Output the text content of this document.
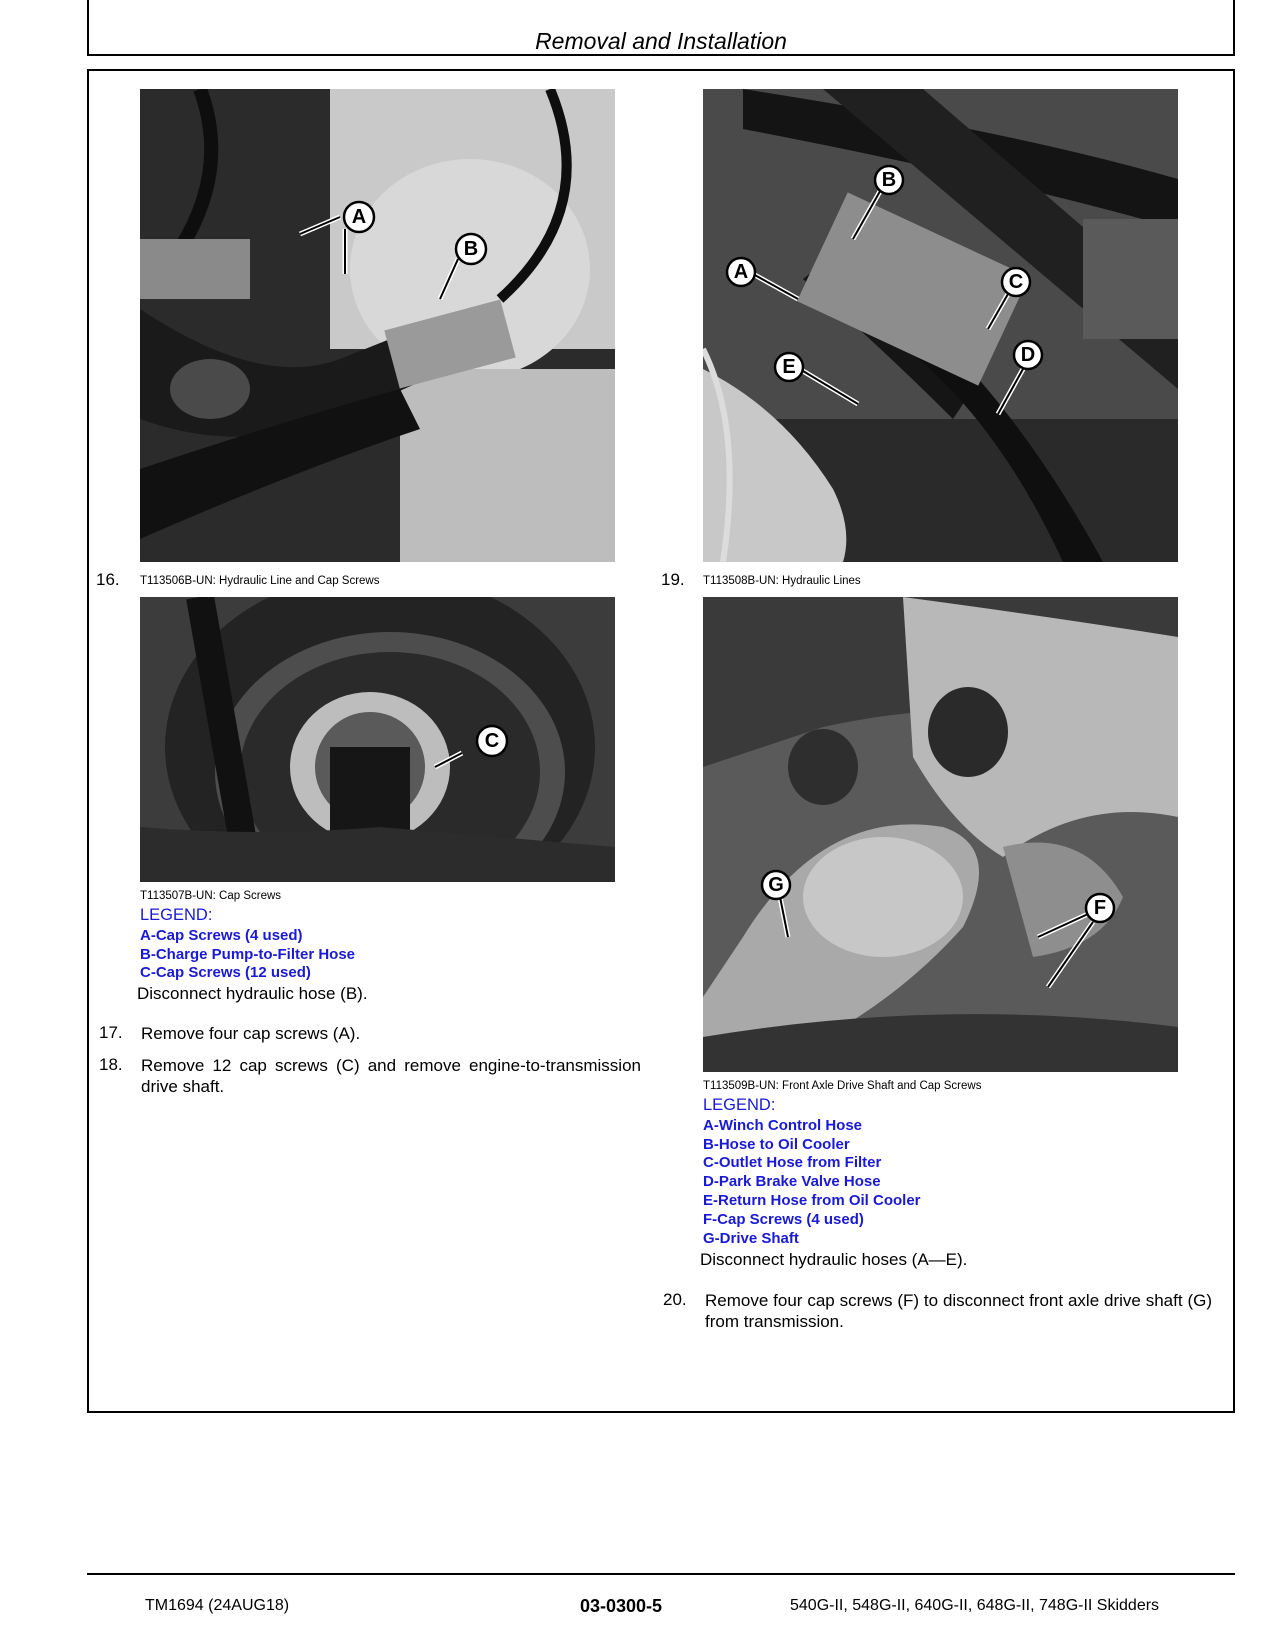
Removal and Installation
A
B
16. T113506B-UN: Hydraulic Line and Cap Screws
C
T113507B-UN: Cap Screws
LEGEND:
A-Cap Screws (4 used)
B-Charge Pump-to-Filter Hose
C-Cap Screws (12 used)
Disconnect hydraulic hose (B).
17. Remove four cap screws (A).
18. Remove 12 cap screws (C) and remove engine-to-transmission drive shaft.
A
B
C
D
E
19. T113508B-UN: Hydraulic Lines
G
F
T113509B-UN: Front Axle Drive Shaft and Cap Screws
LEGEND:
A-Winch Control Hose
B-Hose to Oil Cooler
C-Outlet Hose from Filter
D-Park Brake Valve Hose
E-Return Hose from Oil Cooler
F-Cap Screws (4 used)
G-Drive Shaft
Disconnect hydraulic hoses (A—E).
20. Remove four cap screws (F) to disconnect front axle drive shaft (G) from transmission.
TM1694 (24AUG18)	03-0300-5	540G-II, 548G-II, 640G-II, 648G-II, 748G-II Skidders
